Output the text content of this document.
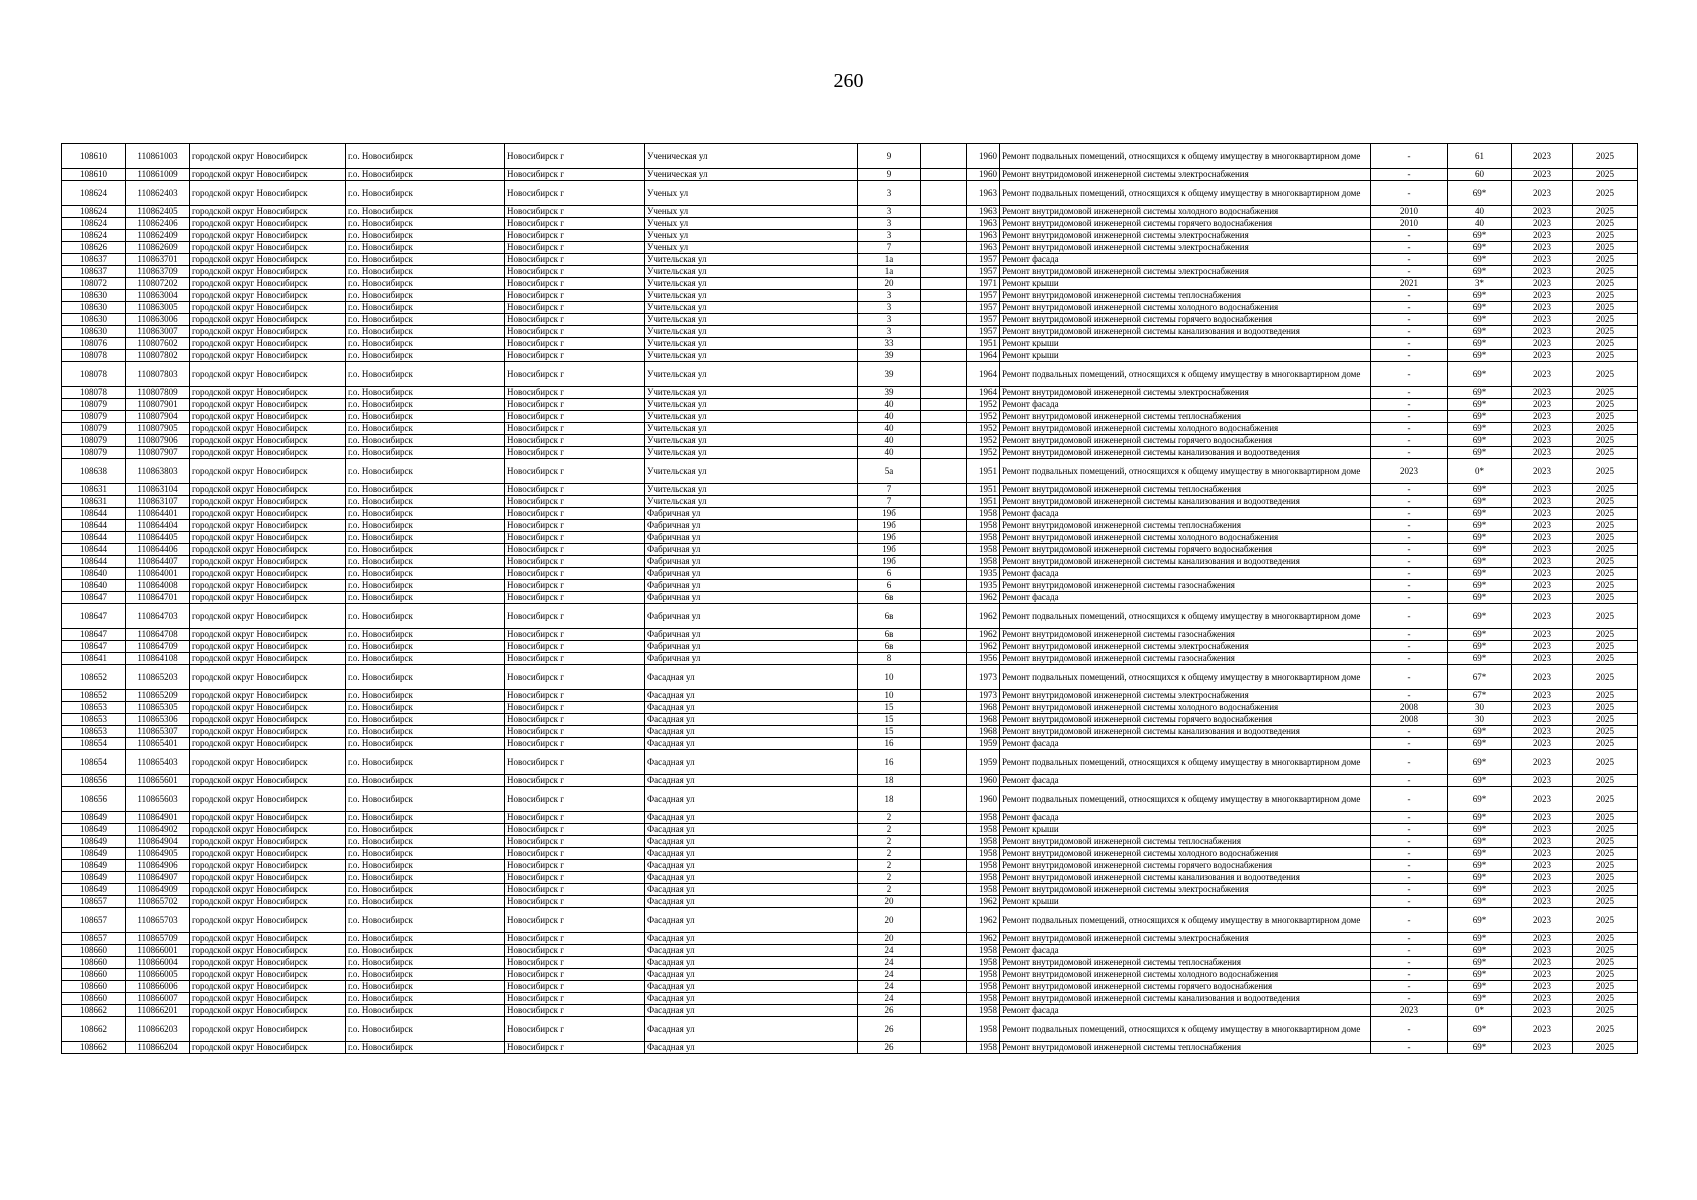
260
108610	110861003	городской округ Новосибирск	г.о. Новосибирск	Новосибирск г	Ученическая ул	9		1960	Ремонт подвальных помещений, относящихся к общему имуществу в многоквартирном доме	-	61	2023	2025
108610	110861009	городской округ Новосибирск	г.о. Новосибирск	Новосибирск г	Ученическая ул	9		1960	Ремонт внутридомовой инженерной системы электроснабжения	-	60	2023	2025
108624	110862403	городской округ Новосибирск	г.о. Новосибирск	Новосибирск г	Ученых ул	3		1963	Ремонт подвальных помещений, относящихся к общему имуществу в многоквартирном доме	-	69*	2023	2025
108624	110862405	городской округ Новосибирск	г.о. Новосибирск	Новосибирск г	Ученых ул	3		1963	Ремонт внутридомовой инженерной системы холодного водоснабжения	2010	40	2023	2025
108624	110862406	городской округ Новосибирск	г.о. Новосибирск	Новосибирск г	Ученых ул	3		1963	Ремонт внутридомовой инженерной системы горячего водоснабжения	2010	40	2023	2025
108624	110862409	городской округ Новосибирск	г.о. Новосибирск	Новосибирск г	Ученых ул	3		1963	Ремонт внутридомовой инженерной системы электроснабжения	-	69*	2023	2025
108626	110862609	городской округ Новосибирск	г.о. Новосибирск	Новосибирск г	Ученых ул	7		1963	Ремонт внутридомовой инженерной системы электроснабжения	-	69*	2023	2025
108637	110863701	городской округ Новосибирск	г.о. Новосибирск	Новосибирск г	Учительская ул	1а		1957	Ремонт фасада	-	69*	2023	2025
108637	110863709	городской округ Новосибирск	г.о. Новосибирск	Новосибирск г	Учительская ул	1а		1957	Ремонт внутридомовой инженерной системы электроснабжения	-	69*	2023	2025
108072	110807202	городской округ Новосибирск	г.о. Новосибирск	Новосибирск г	Учительская ул	20		1971	Ремонт крыши	2021	3*	2023	2025
108630	110863004	городской округ Новосибирск	г.о. Новосибирск	Новосибирск г	Учительская ул	3		1957	Ремонт внутридомовой инженерной системы теплоснабжения	-	69*	2023	2025
108630	110863005	городской округ Новосибирск	г.о. Новосибирск	Новосибирск г	Учительская ул	3		1957	Ремонт внутридомовой инженерной системы холодного водоснабжения	-	69*	2023	2025
108630	110863006	городской округ Новосибирск	г.о. Новосибирск	Новосибирск г	Учительская ул	3		1957	Ремонт внутридомовой инженерной системы горячего водоснабжения	-	69*	2023	2025
108630	110863007	городской округ Новосибирск	г.о. Новосибирск	Новосибирск г	Учительская ул	3		1957	Ремонт внутридомовой инженерной системы канализования и водоотведения	-	69*	2023	2025
108076	110807602	городской округ Новосибирск	г.о. Новосибирск	Новосибирск г	Учительская ул	33		1951	Ремонт крыши	-	69*	2023	2025
108078	110807802	городской округ Новосибирск	г.о. Новосибирск	Новосибирск г	Учительская ул	39		1964	Ремонт крыши	-	69*	2023	2025
108078	110807803	городской округ Новосибирск	г.о. Новосибирск	Новосибирск г	Учительская ул	39		1964	Ремонт подвальных помещений, относящихся к общему имуществу в многоквартирном доме	-	69*	2023	2025
108078	110807809	городской округ Новосибирск	г.о. Новосибирск	Новосибирск г	Учительская ул	39		1964	Ремонт внутридомовой инженерной системы электроснабжения	-	69*	2023	2025
108079	110807901	городской округ Новосибирск	г.о. Новосибирск	Новосибирск г	Учительская ул	40		1952	Ремонт фасада	-	69*	2023	2025
108079	110807904	городской округ Новосибирск	г.о. Новосибирск	Новосибирск г	Учительская ул	40		1952	Ремонт внутридомовой инженерной системы теплоснабжения	-	69*	2023	2025
108079	110807905	городской округ Новосибирск	г.о. Новосибирск	Новосибирск г	Учительская ул	40		1952	Ремонт внутридомовой инженерной системы холодного водоснабжения	-	69*	2023	2025
108079	110807906	городской округ Новосибирск	г.о. Новосибирск	Новосибирск г	Учительская ул	40		1952	Ремонт внутридомовой инженерной системы горячего водоснабжения	-	69*	2023	2025
108079	110807907	городской округ Новосибирск	г.о. Новосибирск	Новосибирск г	Учительская ул	40		1952	Ремонт внутридомовой инженерной системы канализования и водоотведения	-	69*	2023	2025
108638	110863803	городской округ Новосибирск	г.о. Новосибирск	Новосибирск г	Учительская ул	5а		1951	Ремонт подвальных помещений, относящихся к общему имуществу в многоквартирном доме	2023	0*	2023	2025
108631	110863104	городской округ Новосибирск	г.о. Новосибирск	Новосибирск г	Учительская ул	7		1951	Ремонт внутридомовой инженерной системы теплоснабжения	-	69*	2023	2025
108631	110863107	городской округ Новосибирск	г.о. Новосибирск	Новосибирск г	Учительская ул	7		1951	Ремонт внутридомовой инженерной системы канализования и водоотведения	-	69*	2023	2025
108644	110864401	городской округ Новосибирск	г.о. Новосибирск	Новосибирск г	Фабричная ул	19б		1958	Ремонт фасада	-	69*	2023	2025
108644	110864404	городской округ Новосибирск	г.о. Новосибирск	Новосибирск г	Фабричная ул	19б		1958	Ремонт внутридомовой инженерной системы теплоснабжения	-	69*	2023	2025
108644	110864405	городской округ Новосибирск	г.о. Новосибирск	Новосибирск г	Фабричная ул	19б		1958	Ремонт внутридомовой инженерной системы холодного водоснабжения	-	69*	2023	2025
108644	110864406	городской округ Новосибирск	г.о. Новосибирск	Новосибирск г	Фабричная ул	19б		1958	Ремонт внутридомовой инженерной системы горячего водоснабжения	-	69*	2023	2025
108644	110864407	городской округ Новосибирск	г.о. Новосибирск	Новосибирск г	Фабричная ул	19б		1958	Ремонт внутридомовой инженерной системы канализования и водоотведения	-	69*	2023	2025
108640	110864001	городской округ Новосибирск	г.о. Новосибирск	Новосибирск г	Фабричная ул	6		1935	Ремонт фасада	-	69*	2023	2025
108640	110864008	городской округ Новосибирск	г.о. Новосибирск	Новосибирск г	Фабричная ул	6		1935	Ремонт внутридомовой инженерной системы газоснабжения	-	69*	2023	2025
108647	110864701	городской округ Новосибирск	г.о. Новосибирск	Новосибирск г	Фабричная ул	6в		1962	Ремонт фасада	-	69*	2023	2025
108647	110864703	городской округ Новосибирск	г.о. Новосибирск	Новосибирск г	Фабричная ул	6в		1962	Ремонт подвальных помещений, относящихся к общему имуществу в многоквартирном доме	-	69*	2023	2025
108647	110864708	городской округ Новосибирск	г.о. Новосибирск	Новосибирск г	Фабричная ул	6в		1962	Ремонт внутридомовой инженерной системы газоснабжения	-	69*	2023	2025
108647	110864709	городской округ Новосибирск	г.о. Новосибирск	Новосибирск г	Фабричная ул	6в		1962	Ремонт внутридомовой инженерной системы электроснабжения	-	69*	2023	2025
108641	110864108	городской округ Новосибирск	г.о. Новосибирск	Новосибирск г	Фабричная ул	8		1956	Ремонт внутридомовой инженерной системы газоснабжения	-	69*	2023	2025
108652	110865203	городской округ Новосибирск	г.о. Новосибирск	Новосибирск г	Фасадная ул	10		1973	Ремонт подвальных помещений, относящихся к общему имуществу в многоквартирном доме	-	67*	2023	2025
108652	110865209	городской округ Новосибирск	г.о. Новосибирск	Новосибирск г	Фасадная ул	10		1973	Ремонт внутридомовой инженерной системы электроснабжения	-	67*	2023	2025
108653	110865305	городской округ Новосибирск	г.о. Новосибирск	Новосибирск г	Фасадная ул	15		1968	Ремонт внутридомовой инженерной системы холодного водоснабжения	2008	30	2023	2025
108653	110865306	городской округ Новосибирск	г.о. Новосибирск	Новосибирск г	Фасадная ул	15		1968	Ремонт внутридомовой инженерной системы горячего водоснабжения	2008	30	2023	2025
108653	110865307	городской округ Новосибирск	г.о. Новосибирск	Новосибирск г	Фасадная ул	15		1968	Ремонт внутридомовой инженерной системы канализования и водоотведения	-	69*	2023	2025
108654	110865401	городской округ Новосибирск	г.о. Новосибирск	Новосибирск г	Фасадная ул	16		1959	Ремонт фасада	-	69*	2023	2025
108654	110865403	городской округ Новосибирск	г.о. Новосибирск	Новосибирск г	Фасадная ул	16		1959	Ремонт подвальных помещений, относящихся к общему имуществу в многоквартирном доме	-	69*	2023	2025
108656	110865601	городской округ Новосибирск	г.о. Новосибирск	Новосибирск г	Фасадная ул	18		1960	Ремонт фасада	-	69*	2023	2025
108656	110865603	городской округ Новосибирск	г.о. Новосибирск	Новосибирск г	Фасадная ул	18		1960	Ремонт подвальных помещений, относящихся к общему имуществу в многоквартирном доме	-	69*	2023	2025
108649	110864901	городской округ Новосибирск	г.о. Новосибирск	Новосибирск г	Фасадная ул	2		1958	Ремонт фасада	-	69*	2023	2025
108649	110864902	городской округ Новосибирск	г.о. Новосибирск	Новосибирск г	Фасадная ул	2		1958	Ремонт крыши	-	69*	2023	2025
108649	110864904	городской округ Новосибирск	г.о. Новосибирск	Новосибирск г	Фасадная ул	2		1958	Ремонт внутридомовой инженерной системы теплоснабжения	-	69*	2023	2025
108649	110864905	городской округ Новосибирск	г.о. Новосибирск	Новосибирск г	Фасадная ул	2		1958	Ремонт внутридомовой инженерной системы холодного водоснабжения	-	69*	2023	2025
108649	110864906	городской округ Новосибирск	г.о. Новосибирск	Новосибирск г	Фасадная ул	2		1958	Ремонт внутридомовой инженерной системы горячего водоснабжения	-	69*	2023	2025
108649	110864907	городской округ Новосибирск	г.о. Новосибирск	Новосибирск г	Фасадная ул	2		1958	Ремонт внутридомовой инженерной системы канализования и водоотведения	-	69*	2023	2025
108649	110864909	городской округ Новосибирск	г.о. Новосибирск	Новосибирск г	Фасадная ул	2		1958	Ремонт внутридомовой инженерной системы электроснабжения	-	69*	2023	2025
108657	110865702	городской округ Новосибирск	г.о. Новосибирск	Новосибирск г	Фасадная ул	20		1962	Ремонт крыши	-	69*	2023	2025
108657	110865703	городской округ Новосибирск	г.о. Новосибирск	Новосибирск г	Фасадная ул	20		1962	Ремонт подвальных помещений, относящихся к общему имуществу в многоквартирном доме	-	69*	2023	2025
108657	110865709	городской округ Новосибирск	г.о. Новосибирск	Новосибирск г	Фасадная ул	20		1962	Ремонт внутридомовой инженерной системы электроснабжения	-	69*	2023	2025
108660	110866001	городской округ Новосибирск	г.о. Новосибирск	Новосибирск г	Фасадная ул	24		1958	Ремонт фасада	-	69*	2023	2025
108660	110866004	городской округ Новосибирск	г.о. Новосибирск	Новосибирск г	Фасадная ул	24		1958	Ремонт внутридомовой инженерной системы теплоснабжения	-	69*	2023	2025
108660	110866005	городской округ Новосибирск	г.о. Новосибирск	Новосибирск г	Фасадная ул	24		1958	Ремонт внутридомовой инженерной системы холодного водоснабжения	-	69*	2023	2025
108660	110866006	городской округ Новосибирск	г.о. Новосибирск	Новосибирск г	Фасадная ул	24		1958	Ремонт внутридомовой инженерной системы горячего водоснабжения	-	69*	2023	2025
108660	110866007	городской округ Новосибирск	г.о. Новосибирск	Новосибирск г	Фасадная ул	24		1958	Ремонт внутридомовой инженерной системы канализования и водоотведения	-	69*	2023	2025
108662	110866201	городской округ Новосибирск	г.о. Новосибирск	Новосибирск г	Фасадная ул	26		1958	Ремонт фасада	2023	0*	2023	2025
108662	110866203	городской округ Новосибирск	г.о. Новосибирск	Новосибирск г	Фасадная ул	26		1958	Ремонт подвальных помещений, относящихся к общему имуществу в многоквартирном доме	-	69*	2023	2025
108662	110866204	городской округ Новосибирск	г.о. Новосибирск	Новосибирск г	Фасадная ул	26		1958	Ремонт внутридомовой инженерной системы теплоснабжения	-	69*	2023	2025
